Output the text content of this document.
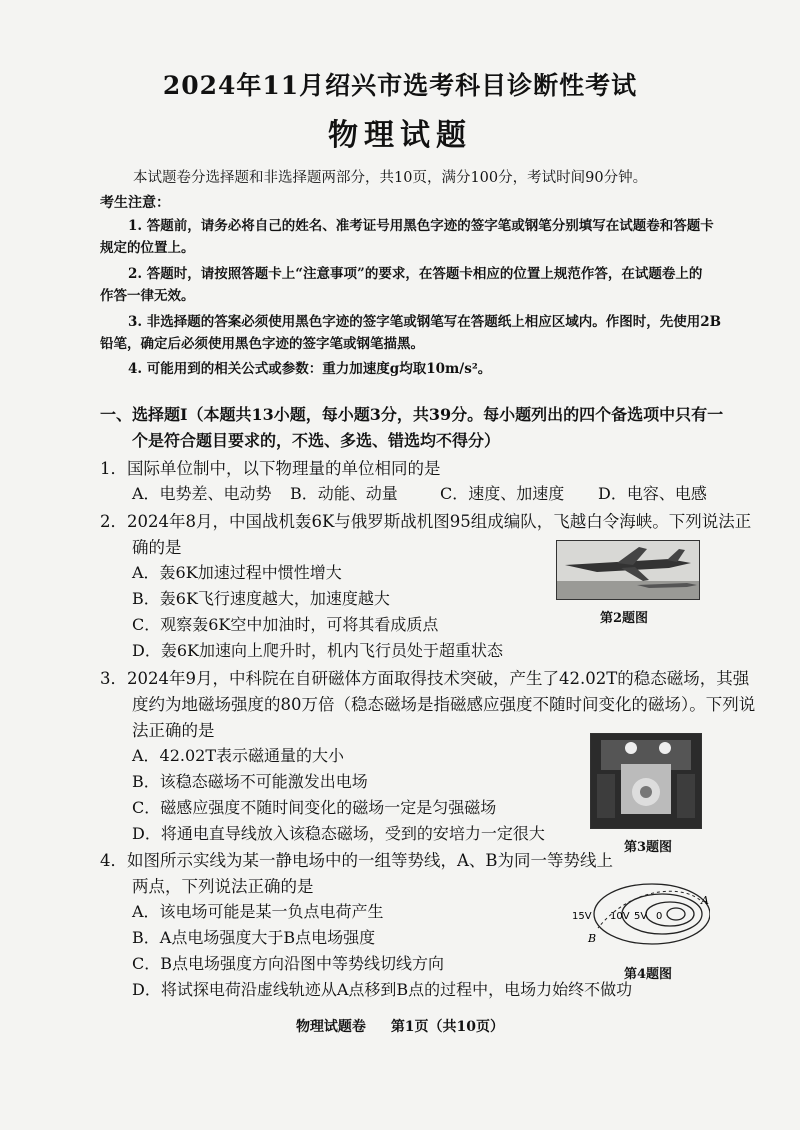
2024年11月绍兴市选考科目诊断性考试
物理试题
本试题卷分选择题和非选择题两部分，共10页，满分100分，考试时间90分钟。
考生注意：
1. 答题前，请务必将自己的姓名、准考证号用黑色字迹的签字笔或钢笔分别填写在试题卷和答题卡
规定的位置上。
2. 答题时，请按照答题卡上“注意事项”的要求，在答题卡相应的位置上规范作答，在试题卷上的
作答一律无效。
3. 非选择题的答案必须使用黑色字迹的签字笔或钢笔写在答题纸上相应区域内。作图时，先使用2B
铅笔，确定后必须使用黑色字迹的签字笔或钢笔描黑。
4. 可能用到的相关公式或参数：重力加速度g均取10m/s²。
一、选择题Ⅰ（本题共13小题，每小题3分，共39分。每小题列出的四个备选项中只有一
个是符合题目要求的，不选、多选、错选均不得分）
1．国际单位制中，以下物理量的单位相同的是
A．电势差、电动势 B．动能、动量	C．速度、加速度 D．电容、电感
2．2024年8月，中国战机轰6K与俄罗斯战机图95组成编队，飞越白令海峡。下列说法正
确的是
A．轰6K加速过程中惯性增大
B．轰6K飞行速度越大，加速度越大
C．观察轰6K空中加油时，可将其看成质点
D．轰6K加速向上爬升时，机内飞行员处于超重状态
第2题图
3．2024年9月，中科院在自研磁体方面取得技术突破，产生了42.02T的稳态磁场，其强
度约为地磁场强度的80万倍（稳态磁场是指磁感应强度不随时间变化的磁场）。下列说
法正确的是
A．42.02T表示磁通量的大小
B．该稳态磁场不可能激发出电场
C．磁感应强度不随时间变化的磁场一定是匀强磁场
D．将通电直导线放入该稳态磁场，受到的安培力一定很大
第3题图
4．如图所示实线为某一静电场中的一组等势线，A、B为同一等势线上
两点，下列说法正确的是
A．该电场可能是某一负点电荷产生
B．A点电场强度大于B点电场强度
C．B点电场强度方向沿图中等势线切线方向
D．将试探电荷沿虚线轨迹从A点移到B点的过程中，电场力始终不做功
15V 10V 5V 0
A
B
第4题图
物理试题卷 第1页（共10页）
